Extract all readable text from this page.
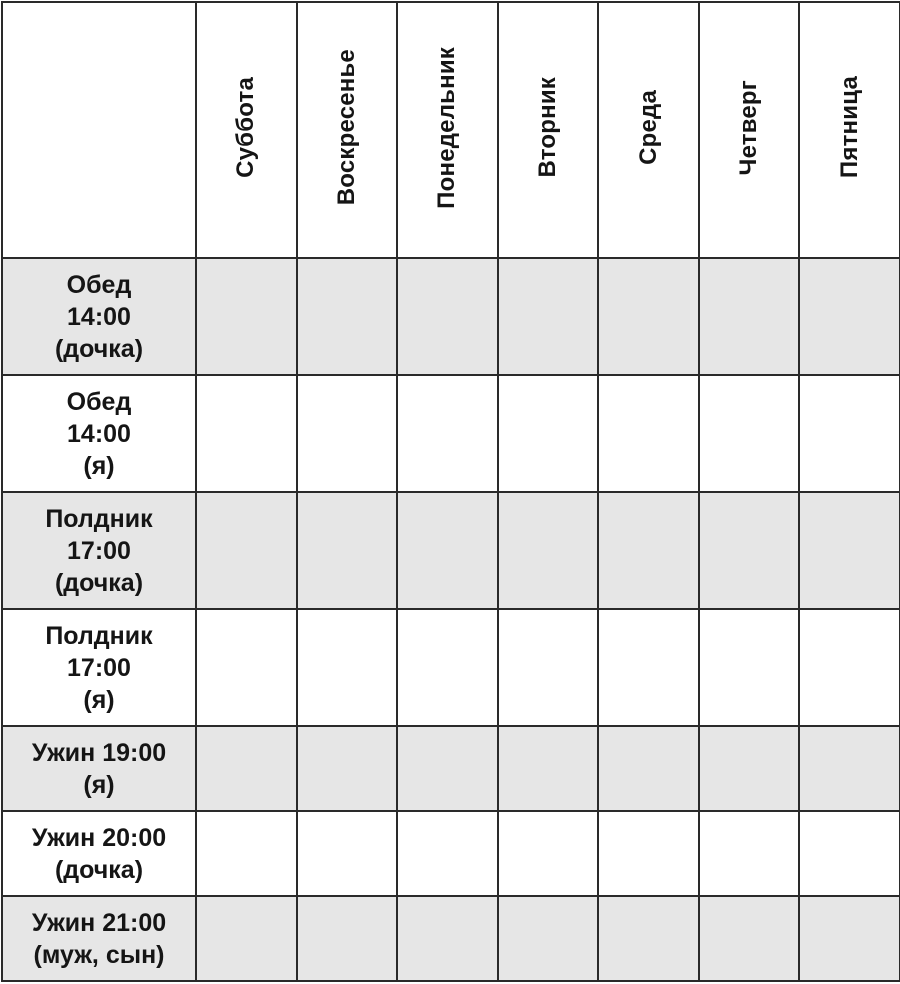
	Суббота	Воскресенье	Понедельник	Вторник	Среда	Четверг	Пятница

Обед
14:00
(дочка)							

Обед
14:00
(я)							

Полдник
17:00
(дочка)							

Полдник
17:00
(я)							

Ужин 19:00
(я)							

Ужин 20:00
(дочка)							

Ужин 21:00
(муж, сын)							
